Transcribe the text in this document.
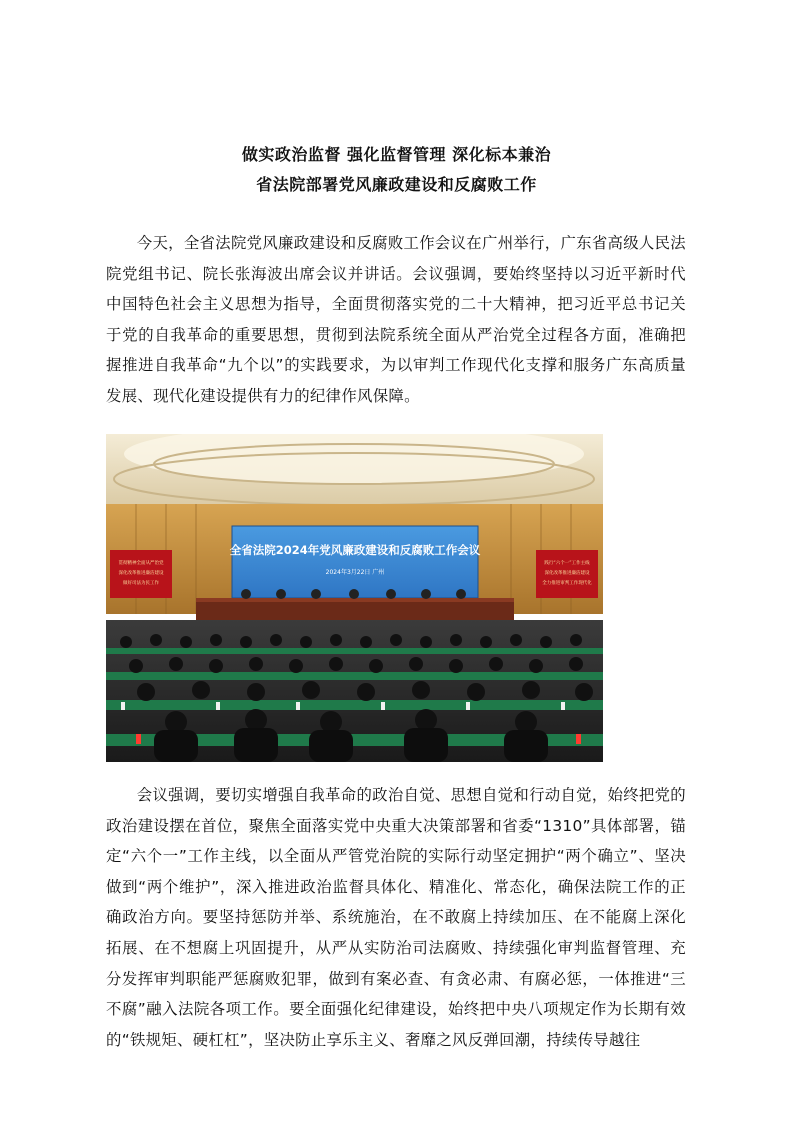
做实政治监督 强化监督管理 深化标本兼治
省法院部署党风廉政建设和反腐败工作

今天，全省法院党风廉政建设和反腐败工作会议在广州举行，广东省高级人民法院党组书记、院长张海波出席会议并讲话。会议强调，要始终坚持以习近平新时代中国特色社会主义思想为指导，全面贯彻落实党的二十大精神，把习近平总书记关于党的自我革命的重要思想，贯彻到法院系统全面从严治党全过程各方面，准确把握推进自我革命“九个以”的实践要求，为以审判工作现代化支撑和服务广东高质量发展、现代化建设提供有力的纪律作风保障。

贯彻精神全面从严治党
深化改革推进廉洁建设
做好司法为民工作
践行“六个一”工作主线
深化改革推进廉洁建设
全力推进审判工作现代化
全省法院2024年党风廉政建设和反腐败工作会议
2024年3月22日 广州

会议强调，要切实增强自我革命的政治自觉、思想自觉和行动自觉，始终把党的政治建设摆在首位，聚焦全面落实党中央重大决策部署和省委“1310”具体部署，锚定“六个一”工作主线，以全面从严管党治院的实际行动坚定拥护“两个确立”、坚决做到“两个维护”，深入推进政治监督具体化、精准化、常态化，确保法院工作的正确政治方向。要坚持惩防并举、系统施治，在不敢腐上持续加压、在不能腐上深化拓展、在不想腐上巩固提升，从严从实防治司法腐败、持续强化审判监督管理、充分发挥审判职能严惩腐败犯罪，做到有案必查、有贪必肃、有腐必惩，一体推进“三不腐”融入法院各项工作。要全面强化纪律建设，始终把中央八项规定作为长期有效的“铁规矩、硬杠杠”，坚决防止享乐主义、奢靡之风反弹回潮，持续传导越往
